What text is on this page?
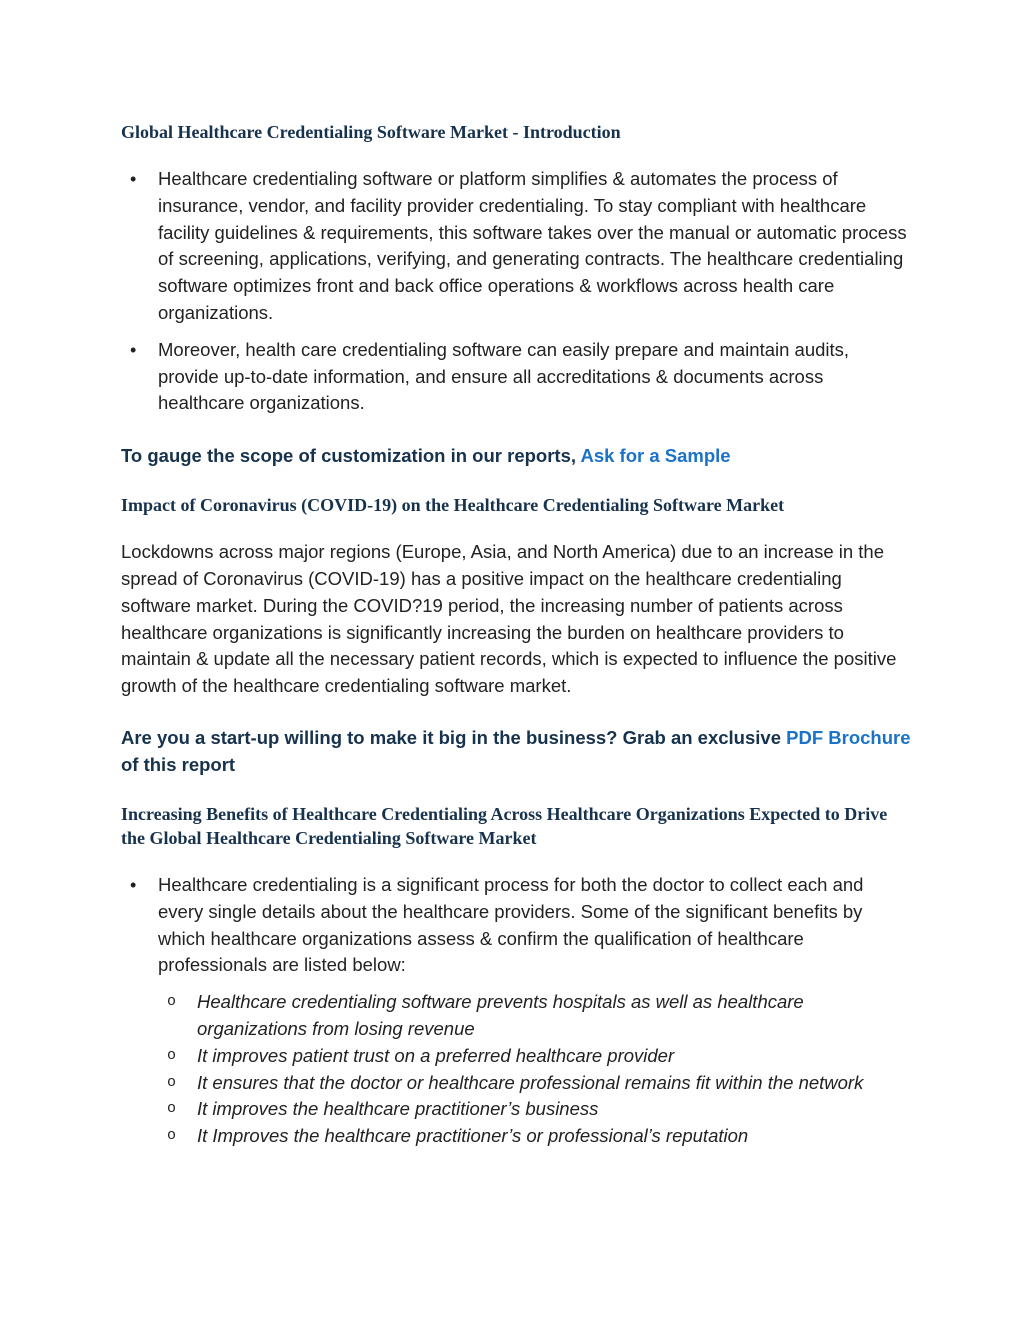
Global Healthcare Credentialing Software Market - Introduction
• Healthcare credentialing software or platform simplifies & automates the process of insurance, vendor, and facility provider credentialing. To stay compliant with healthcare facility guidelines & requirements, this software takes over the manual or automatic process of screening, applications, verifying, and generating contracts. The healthcare credentialing software optimizes front and back office operations & workflows across health care organizations.
• Moreover, health care credentialing software can easily prepare and maintain audits, provide up-to-date information, and ensure all accreditations & documents across healthcare organizations.

To gauge the scope of customization in our reports, Ask for a Sample

Impact of Coronavirus (COVID-19) on the Healthcare Credentialing Software Market

Lockdowns across major regions (Europe, Asia, and North America) due to an increase in the spread of Coronavirus (COVID-19) has a positive impact on the healthcare credentialing software market. During the COVID?19 period, the increasing number of patients across healthcare organizations is significantly increasing the burden on healthcare providers to maintain & update all the necessary patient records, which is expected to influence the positive growth of the healthcare credentialing software market.

Are you a start-up willing to make it big in the business? Grab an exclusive PDF Brochure of this report

Increasing Benefits of Healthcare Credentialing Across Healthcare Organizations Expected to Drive the Global Healthcare Credentialing Software Market
• Healthcare credentialing is a significant process for both the doctor to collect each and every single details about the healthcare providers. Some of the significant benefits by which healthcare organizations assess & confirm the qualification of healthcare professionals are listed below:
o Healthcare credentialing software prevents hospitals as well as healthcare organizations from losing revenue
o It improves patient trust on a preferred healthcare provider
o It ensures that the doctor or healthcare professional remains fit within the network
o It improves the healthcare practitioner’s business
o It Improves the healthcare practitioner’s or professional’s reputation
